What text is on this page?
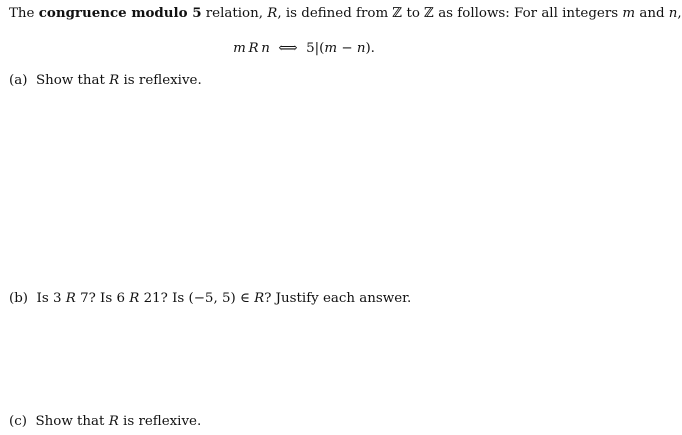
The congruence modulo 5 relation, R, is defined from ℤ to ℤ as follows: For all integers m and n,
m  R  n ⟺ 5|(m − n).
(a) Show that R is reflexive.
(b) Is 3 R 7? Is 6 R 21? Is (−5, 5) ∈ R? Justify each answer.
(c) Show that R is reflexive.
